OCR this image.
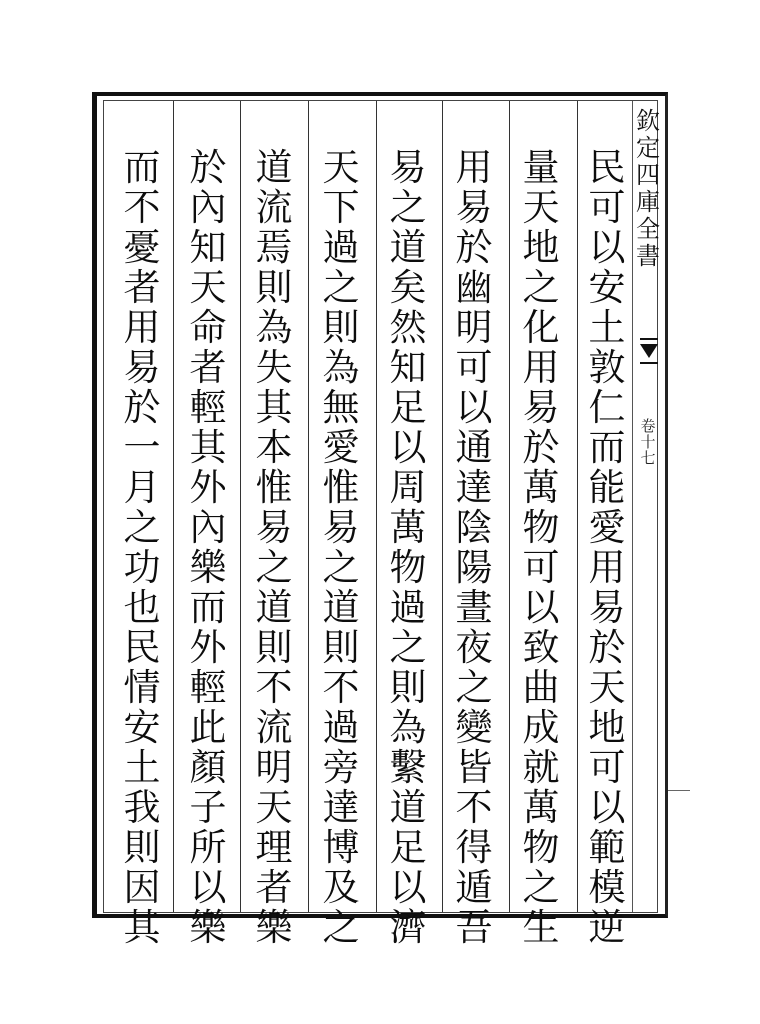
欽
定
四
庫
全
書
卷
十
七
民
可
以
安
土
敦
仁
而
能
愛
用
易
於
天
地
可
以
範
模
逆
量
天
地
之
化
用
易
於
萬
物
可
以
致
曲
成
就
萬
物
之
生
用
易
於
幽
明
可
以
通
達
陰
陽
晝
夜
之
變
皆
不
得
遁
吾
易
之
道
矣
然
知
足
以
周
萬
物
過
之
則
為
繫
道
足
以
濟
天
下
過
之
則
為
無
愛
惟
易
之
道
則
不
過
旁
達
博
及
之
道
流
焉
則
為
失
其
本
惟
易
之
道
則
不
流
明
天
理
者
樂
於
內
知
天
命
者
輕
其
外
內
樂
而
外
輕
此
顏
子
所
以
樂
而
不
憂
者
用
易
於
一
月
之
功
也
民
情
安
土
我
則
因
其
